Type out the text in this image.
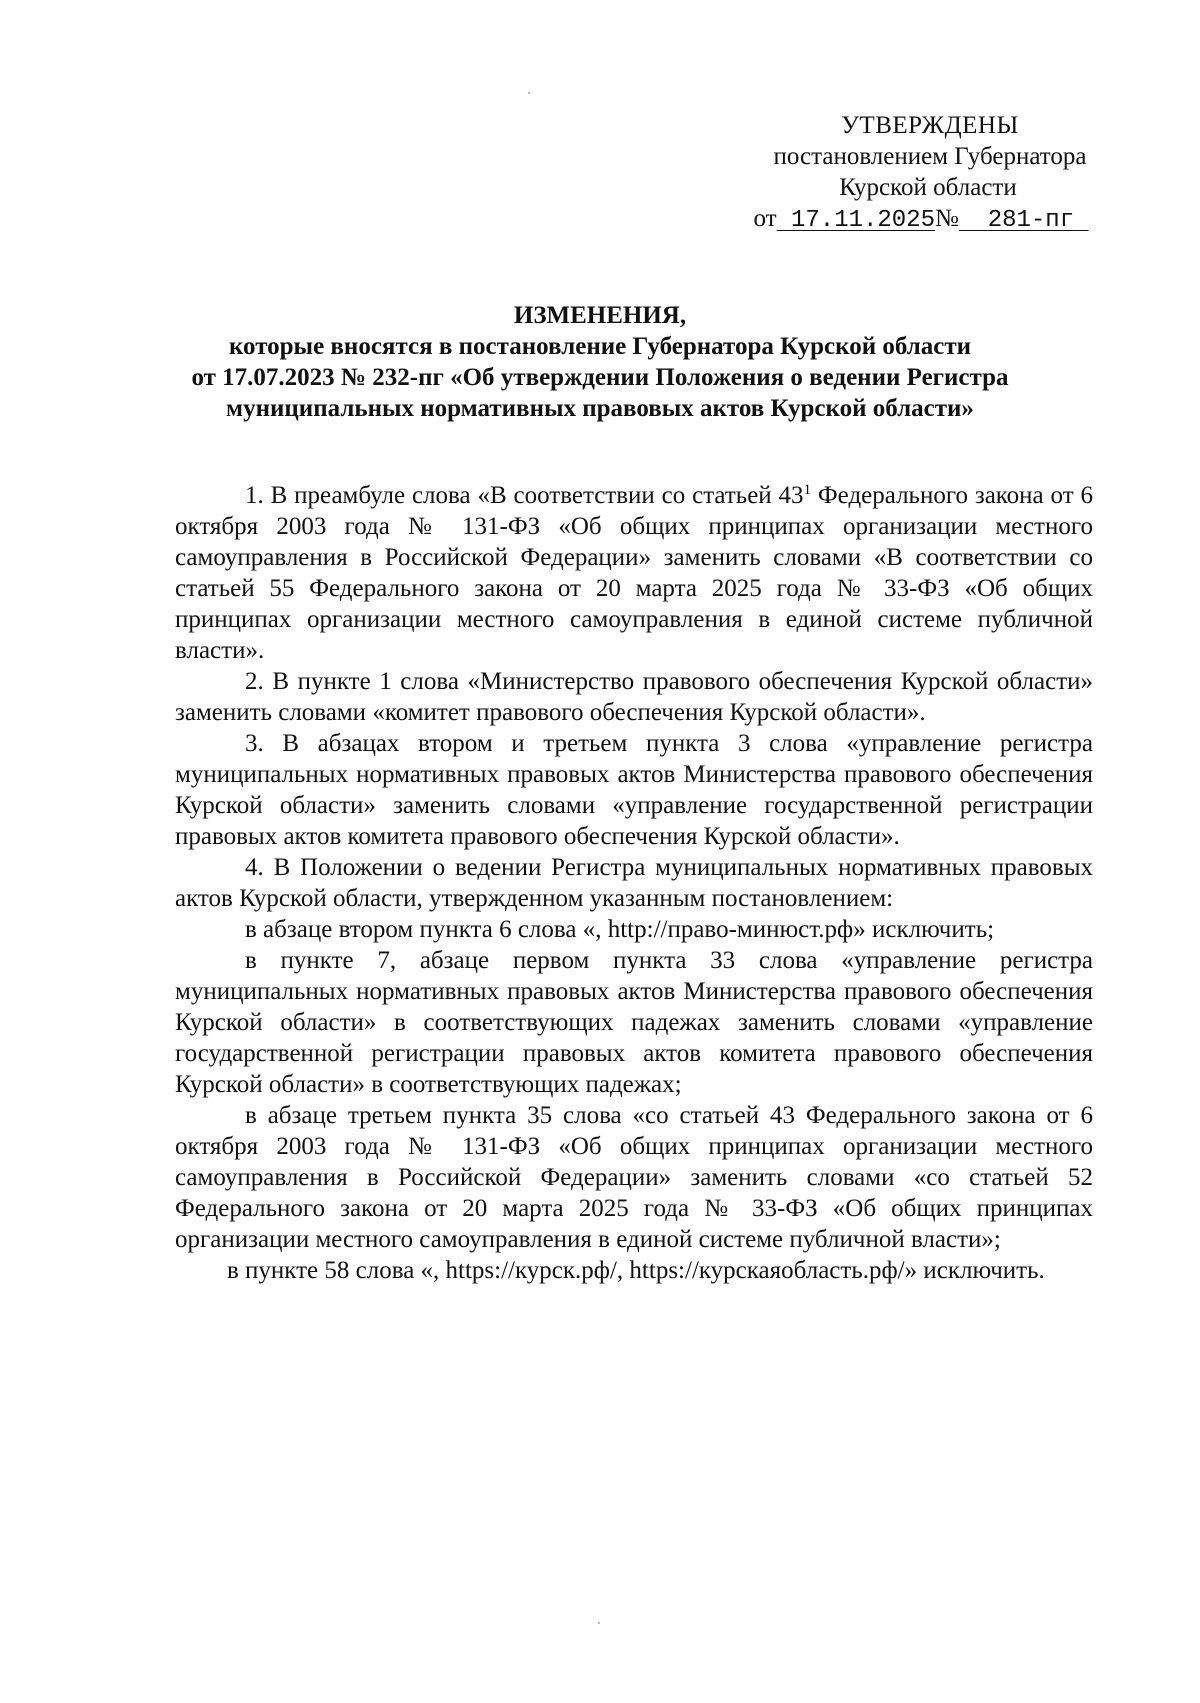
УТВЕРЖДЕНЫ
постановлением Губернатора
Курской области
от 17.11.2025№ 281-пг
ИЗМЕНЕНИЯ,
которые вносятся в постановление Губернатора Курской области
от 17.07.2023 № 232-пг «Об утверждении Положения о ведении Регистра
муниципальных нормативных правовых актов Курской области»

1. В преамбуле слова «В соответствии со статьей $43^1$ Федерального закона от 6 октября 2003 года № 131-ФЗ «Об общих принципах организации местного самоуправления в Российской Федерации» заменить словами «В соответствии со статьей 55 Федерального закона от 20 марта 2025 года № 33-ФЗ «Об общих принципах организации местного самоуправления в единой системе публичной власти».

2. В пункте 1 слова «Министерство правового обеспечения Курской области» заменить словами «комитет правового обеспечения Курской области».

3. В абзацах втором и третьем пункта 3 слова «управление регистра муниципальных нормативных правовых актов Министерства правового обеспечения Курской области» заменить словами «управление государственной регистрации правовых актов комитета правового обеспечения Курской области».

4. В Положении о ведении Регистра муниципальных нормативных правовых актов Курской области, утвержденном указанным постановлением:

в абзаце втором пункта 6 слова «, http://право-минюст.рф» исключить;

в пункте 7, абзаце первом пункта 33 слова «управление регистра муниципальных нормативных правовых актов Министерства правового обеспечения Курской области» в соответствующих падежах заменить словами «управление государственной регистрации правовых актов комитета правового обеспечения Курской области» в соответствующих падежах;

в абзаце третьем пункта 35 слова «со статьей 43 Федерального закона от 6 октября 2003 года № 131-ФЗ «Об общих принципах организации местного самоуправления в Российской Федерации» заменить словами «со статьей 52 Федерального закона от 20 марта 2025 года № 33-ФЗ «Об общих принципах организации местного самоуправления в единой системе публичной власти»;

в пункте 58 слова «, https://курск.рф/, https://курскаяобласть.рф/» исключить.
